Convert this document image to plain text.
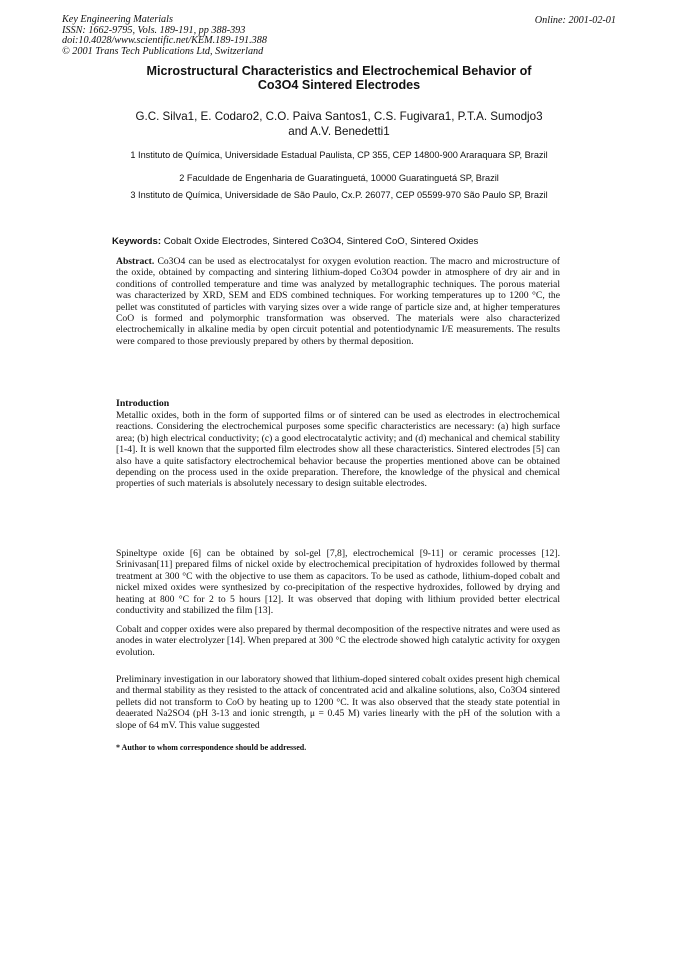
Key Engineering Materials
ISSN: 1662-9795, Vols. 189-191, pp 388-393
doi:10.4028/www.scientific.net/KEM.189-191.388
© 2001 Trans Tech Publications Ltd, Switzerland
Online: 2001-02-01
Microstructural Characteristics and Electrochemical Behavior of
Co3O4 Sintered Electrodes
G.C. Silva1, E. Codaro2, C.O. Paiva Santos1, C.S. Fugivara1, P.T.A. Sumodjo3
and A.V. Benedetti1
1 Instituto de Química, Universidade Estadual Paulista, CP 355, CEP 14800-900 Araraquara SP, Brazil
2 Faculdade de Engenharia de Guaratinguetá, 10000 Guaratinguetá SP, Brazil
3 Instituto de Química, Universidade de São Paulo, Cx.P. 26077, CEP 05599-970 São Paulo SP, Brazil
Keywords: Cobalt Oxide Electrodes, Sintered Co3O4, Sintered CoO, Sintered Oxides
Abstract. Co3O4 can be used as electrocatalyst for oxygen evolution reaction. The macro and microstructure of the oxide, obtained by compacting and sintering lithium-doped Co3O4 powder in atmosphere of dry air and in conditions of controlled temperature and time was analyzed by metallographic techniques. The porous material was characterized by XRD, SEM and EDS combined techniques. For working temperatures up to 1200 °C, the pellet was constituted of particles with varying sizes over a wide range of particle size and, at higher temperatures CoO is formed and polymorphic transformation was observed. The materials were also characterized electrochemically in alkaline media by open circuit potential and potentiodynamic I/E measurements. The results were compared to those previously prepared by others by thermal deposition.
Introduction
Metallic oxides, both in the form of supported films or of sintered can be used as electrodes in electrochemical reactions. Considering the electrochemical purposes some specific characteristics are necessary: (a) high surface area; (b) high electrical conductivity; (c) a good electrocatalytic activity; and (d) mechanical and chemical stability [1-4]. It is well known that the supported film electrodes show all these characteristics. Sintered electrodes [5] can also have a quite satisfactory electrochemical behavior because the properties mentioned above can be obtained depending on the process used in the oxide preparation. Therefore, the knowledge of the physical and chemical properties of such materials is absolutely necessary to design suitable electrodes.
Spineltype oxide [6] can be obtained by sol-gel [7,8], electrochemical [9-11] or ceramic processes [12]. Srinivasan[11] prepared films of nickel oxide by electrochemical precipitation of hydroxides followed by thermal treatment at 300 °C with the objective to use them as capacitors. To be used as cathode, lithium-doped cobalt and nickel mixed oxides were synthesized by co-precipitation of the respective hydroxides, followed by drying and heating at 800 °C for 2 to 5 hours [12]. It was observed that doping with lithium provided better electrical conductivity and stabilized the film [13].
Cobalt and copper oxides were also prepared by thermal decomposition of the respective nitrates and were used as anodes in water electrolyzer [14]. When prepared at 300 °C the electrode showed high catalytic activity for oxygen evolution.
Preliminary investigation in our laboratory showed that lithium-doped sintered cobalt oxides present high chemical and thermal stability as they resisted to the attack of concentrated acid and alkaline solutions, also, Co3O4 sintered pellets did not transform to CoO by heating up to 1200 °C. It was also observed that the steady state potential in deaerated Na2SO4 (pH 3-13 and ionic strength, μ = 0.45 M) varies linearly with the pH of the solution with a slope of 64 mV. This value suggested
* Author to whom correspondence should be addressed.
